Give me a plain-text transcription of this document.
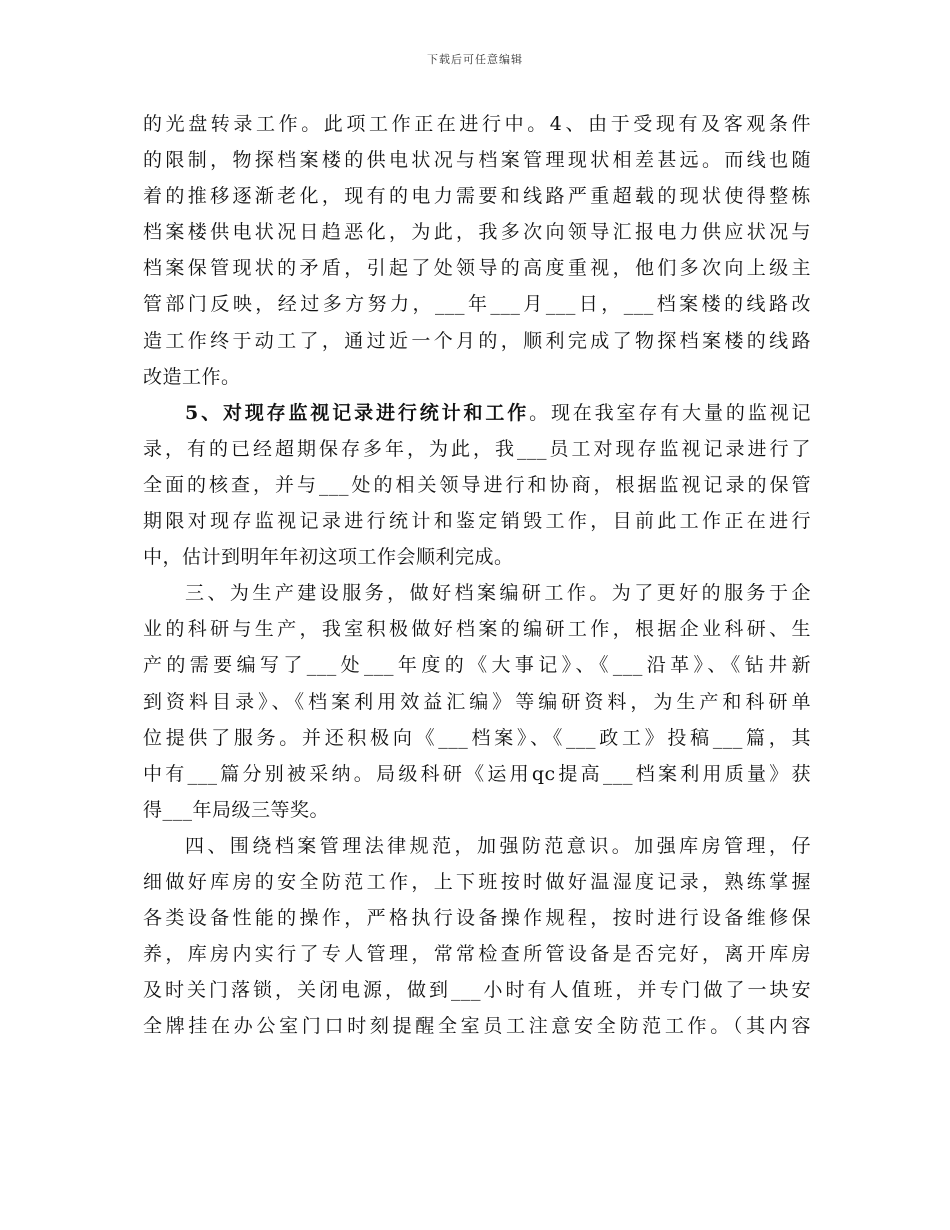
下载后可任意编辑
的光盘转录工作。此项工作正在进行中。4、由于受现有及客观条件
的限制，物探档案楼的供电状况与档案管理现状相差甚远。而线也随
着的推移逐渐老化，现有的电力需要和线路严重超载的现状使得整栋
档案楼供电状况日趋恶化，为此，我多次向领导汇报电力供应状况与
档案保管现状的矛盾，引起了处领导的高度重视，他们多次向上级主
管部门反映，经过多方努力，___年___月___日，___档案楼的线路改
造工作终于动工了，通过近一个月的，顺利完成了物探档案楼的线路
改造工作。
5、对现存监视记录进行统计和工作。现在我室存有大量的监视记
录，有的已经超期保存多年，为此，我___员工对现存监视记录进行了
全面的核查，并与___处的相关领导进行和协商，根据监视记录的保管
期限对现存监视记录进行统计和鉴定销毁工作，目前此工作正在进行
中，估计到明年年初这项工作会顺利完成。
三、为生产建设服务，做好档案编研工作。为了更好的服务于企
业的科研与生产，我室积极做好档案的编研工作，根据企业科研、生
产的需要编写了___处___年度的《大事记》、《___沿革》、《钻井新
到资料目录》、《档案利用效益汇编》等编研资料，为生产和科研单
位提供了服务。并还积极向《___档案》、《___政工》投稿___篇，其
中有___篇分别被采纳。局级科研《运用qc提高___档案利用质量》获
得___年局级三等奖。
四、围绕档案管理法律规范，加强防范意识。加强库房管理，仔
细做好库房的安全防范工作，上下班按时做好温湿度记录，熟练掌握
各类设备性能的操作，严格执行设备操作规程，按时进行设备维修保
养，库房内实行了专人管理，常常检查所管设备是否完好，离开库房
及时关门落锁，关闭电源，做到___小时有人值班，并专门做了一块安
全牌挂在办公室门口时刻提醒全室员工注意安全防范工作。（其内容
